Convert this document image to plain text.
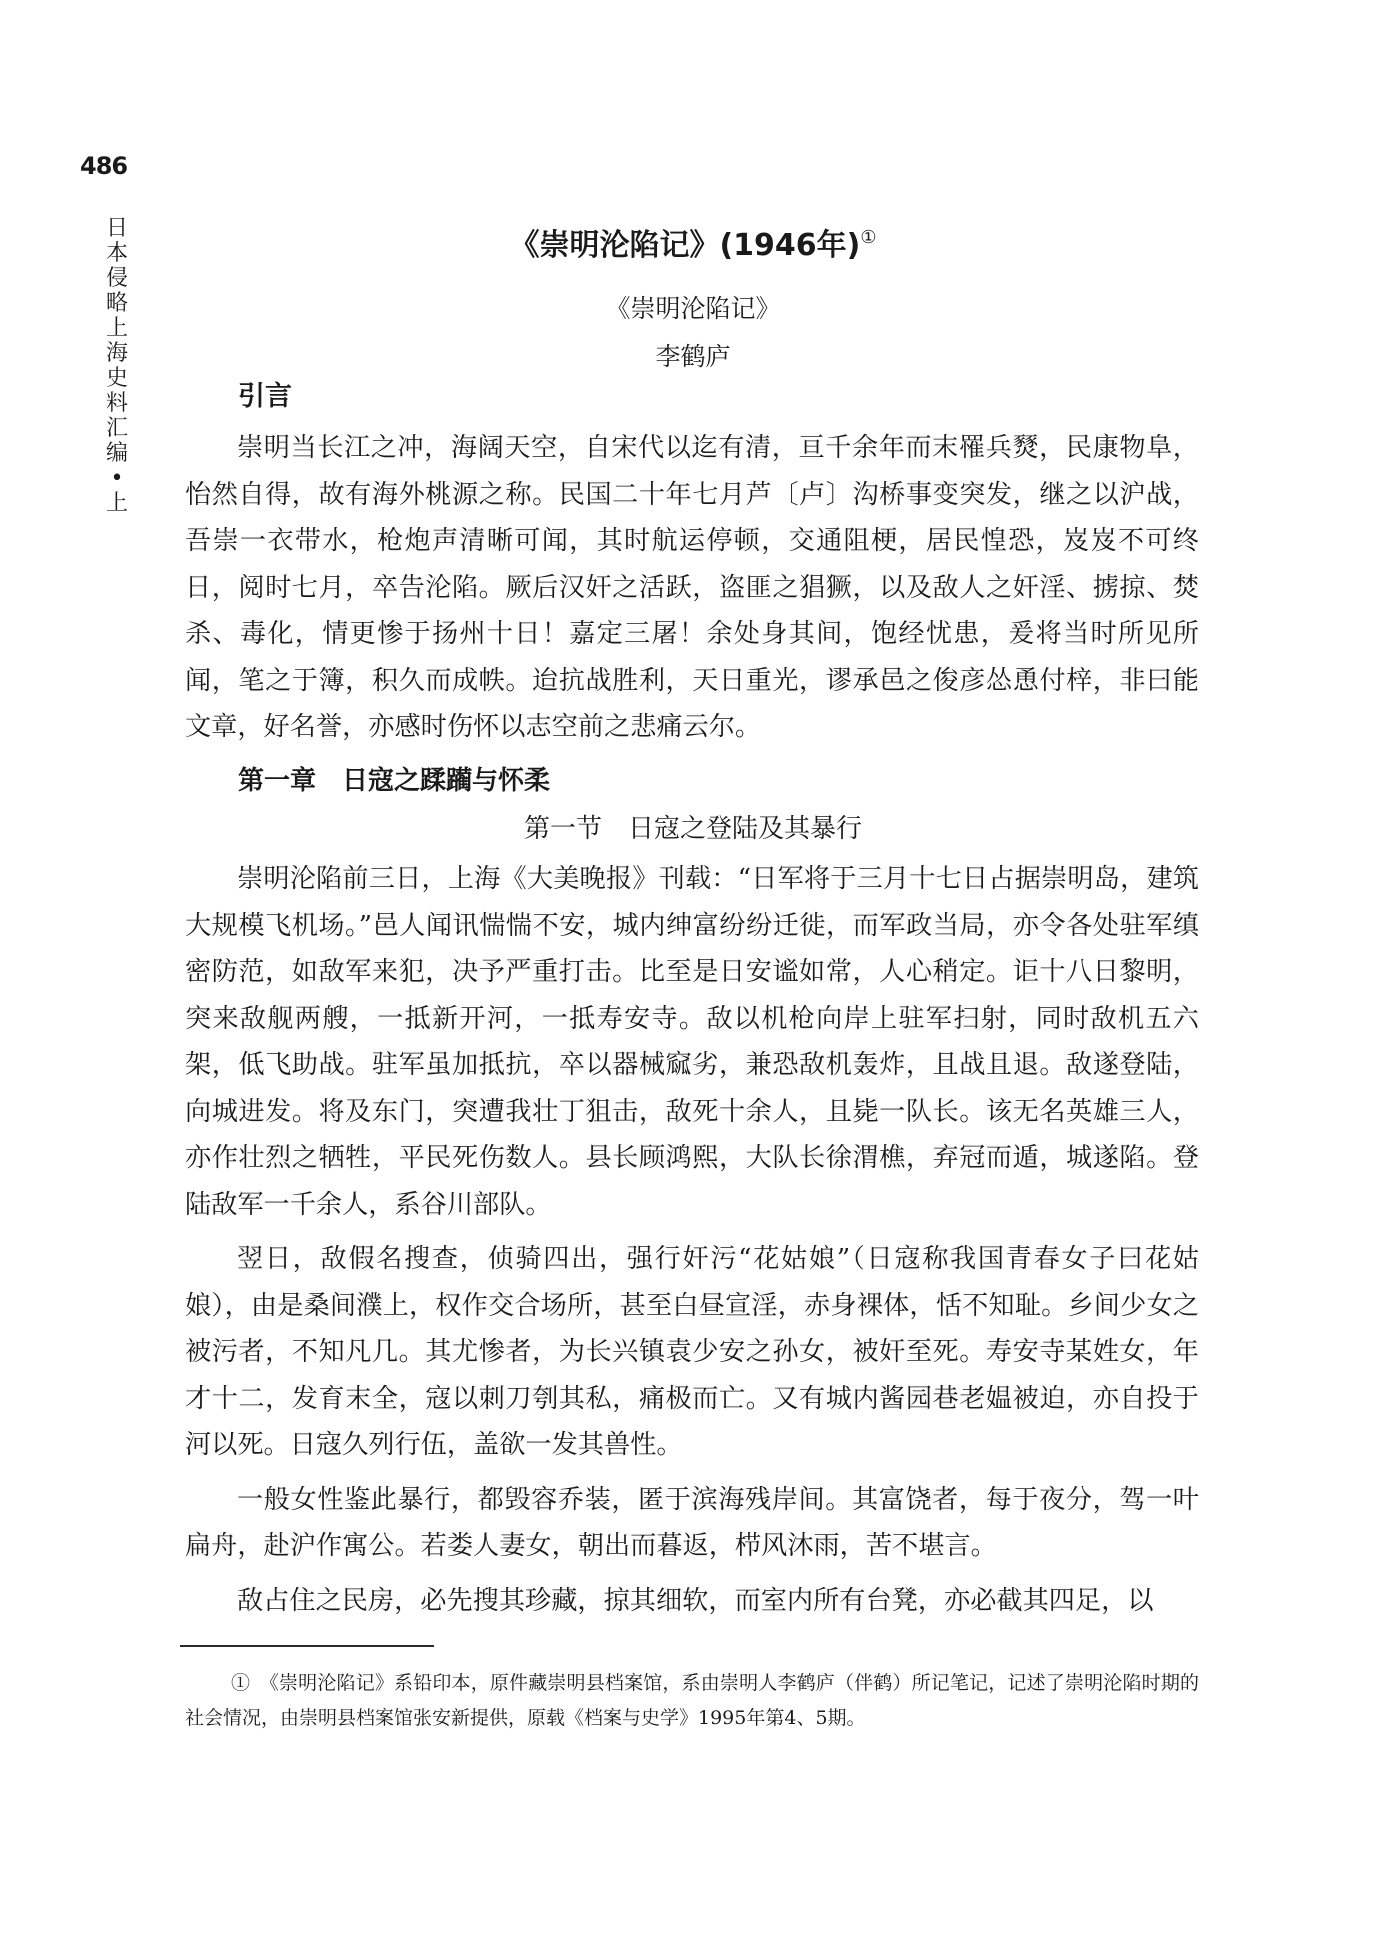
486
日本侵略上海史料汇编•上
《崇明沦陷记》(1946年)①
《崇明沦陷记》
李鹤庐
引言

崇明当长江之冲，海阔天空，自宋代以迄有清，亘千余年而末罹兵燹，民康物阜，怡然自得，故有海外桃源之称。民国二十年七月芦〔卢〕沟桥事变突发，继之以沪战，吾崇一衣带水，枪炮声清晰可闻，其时航运停顿，交通阻梗，居民惶恐，岌岌不可终日，阅时七月，卒告沦陷。厥后汉奸之活跃，盗匪之猖獗，以及敌人之奸淫、掳掠、焚杀、毒化，情更惨于扬州十日！嘉定三屠！余处身其间，饱经忧患，爰将当时所见所闻，笔之于簿，积久而成帙。迨抗战胜利，天日重光，谬承邑之俊彦怂恿付梓，非曰能文章，好名誉，亦感时伤怀以志空前之悲痛云尔。

第一章　日寇之蹂躏与怀柔
第一节　日寇之登陆及其暴行

崇明沦陷前三日，上海《大美晚报》刊载：“日军将于三月十七日占据崇明岛，建筑大规模飞机场。”邑人闻讯惴惴不安，城内绅富纷纷迁徙，而军政当局，亦令各处驻军缜密防范，如敌军来犯，决予严重打击。比至是日安谧如常，人心稍定。讵十八日黎明，突来敌舰两艘，一抵新开河，一抵寿安寺。敌以机枪向岸上驻军扫射，同时敌机五六架，低飞助战。驻军虽加抵抗，卒以器械窳劣，兼恐敌机轰炸，且战且退。敌遂登陆，向城进发。将及东门，突遭我壮丁狙击，敌死十余人，且毙一队长。该无名英雄三人，亦作壮烈之牺牲，平民死伤数人。县长顾鸿熙，大队长徐渭樵，弃冠而遁，城遂陷。登陆敌军一千余人，系谷川部队。

翌日，敌假名搜查，侦骑四出，强行奸污“花姑娘”（日寇称我国青春女子曰花姑娘），由是桑间濮上，权作交合场所，甚至白昼宣淫，赤身裸体，恬不知耻。乡间少女之被污者，不知凡几。其尤惨者，为长兴镇袁少安之孙女，被奸至死。寿安寺某姓女，年才十二，发育末全，寇以刺刀刳其私，痛极而亡。又有城内酱园巷老媪被迫，亦自投于河以死。日寇久列行伍，盖欲一发其兽性。

一般女性鉴此暴行，都毁容乔装，匿于滨海残岸间。其富饶者，每于夜分，驾一叶扁舟，赴沪作寓公。若娄人妻女，朝出而暮返，栉风沐雨，苦不堪言。

敌占住之民房，必先搜其珍藏，掠其细软，而室内所有台凳，亦必截其四足，以

①　《崇明沦陷记》系铅印本，原件藏崇明县档案馆，系由崇明人李鹤庐（伴鹤）所记笔记，记述了崇明沦陷时期的社会情况，由崇明县档案馆张安新提供，原载《档案与史学》1995年第4、5期。
